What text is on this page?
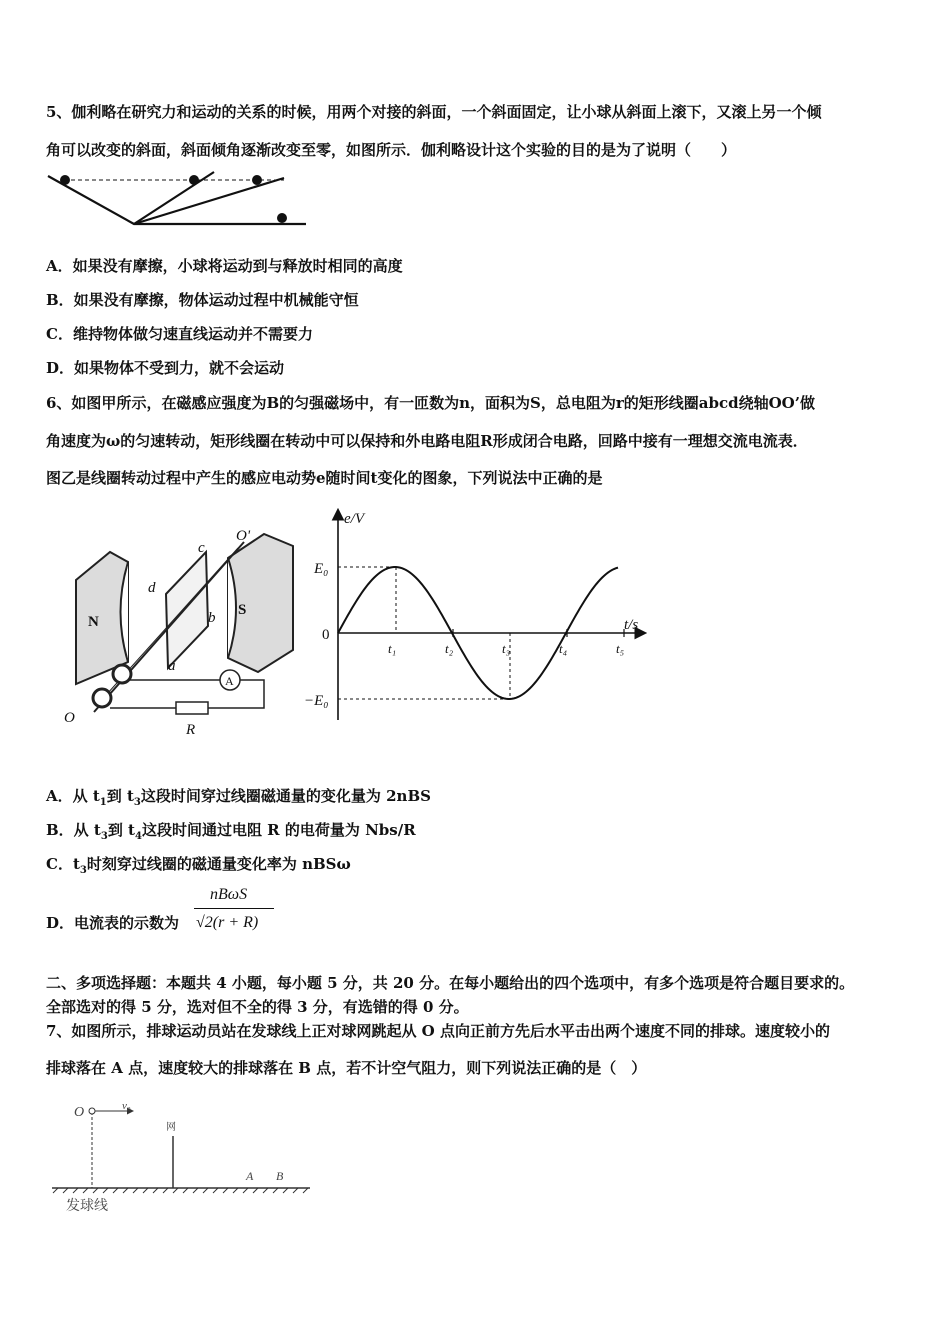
5、伽利略在研究力和运动的关系的时候，用两个对接的斜面，一个斜面固定，让小球从斜面上滚下，又滚上另一个倾
角可以改变的斜面，斜面倾角逐渐改变至零，如图所示．伽利略设计这个实验的目的是为了说明（　　）
A．如果没有摩擦，小球将运动到与释放时相同的高度
B．如果没有摩擦，物体运动过程中机械能守恒
C．维持物体做匀速直线运动并不需要力
D．如果物体不受到力，就不会运动
6、如图甲所示，在磁感应强度为B的匀强磁场中，有一匝数为n，面积为S，总电阻为r的矩形线圈abcd绕轴OO’做
角速度为ω的匀速转动，矩形线圈在转动中可以保持和外电路电阻R形成闭合电路，回路中接有一理想交流电流表．
图乙是线圈转动过程中产生的感应电动势e随时间t变化的图象，下列说法中正确的是
N
S
a
b
c
d
O'
O
A
R
e/V
t/s
E₀
−E₀
0
t₁	t₂	t₃	t₄	t₅
A．从 $t_1$到 $t_3$这段时间穿过线圈磁通量的变化量为 2nBS
B．从 $t_3$到 $t_4$这段时间通过电阻 R 的电荷量为 Nbs/R
C．$t_3$时刻穿过线圈的磁通量变化率为 nBSω
D．电流表的示数为
nBωS
√2(r + R)
二、多项选择题：本题共 4 小题，每小题 5 分，共 20 分。在每小题给出的四个选项中，有多个选项是符合题目要求的。
全部选对的得 5 分，选对但不全的得 3 分，有选错的得 0 分。
7、如图所示，排球运动员站在发球线上正对球网跳起从 O 点向正前方先后水平击出两个速度不同的排球。速度较小的
排球落在 A 点，速度较大的排球落在 B 点，若不计空气阻力，则下列说法正确的是（　）
O	v₀
网
A B
发球线
